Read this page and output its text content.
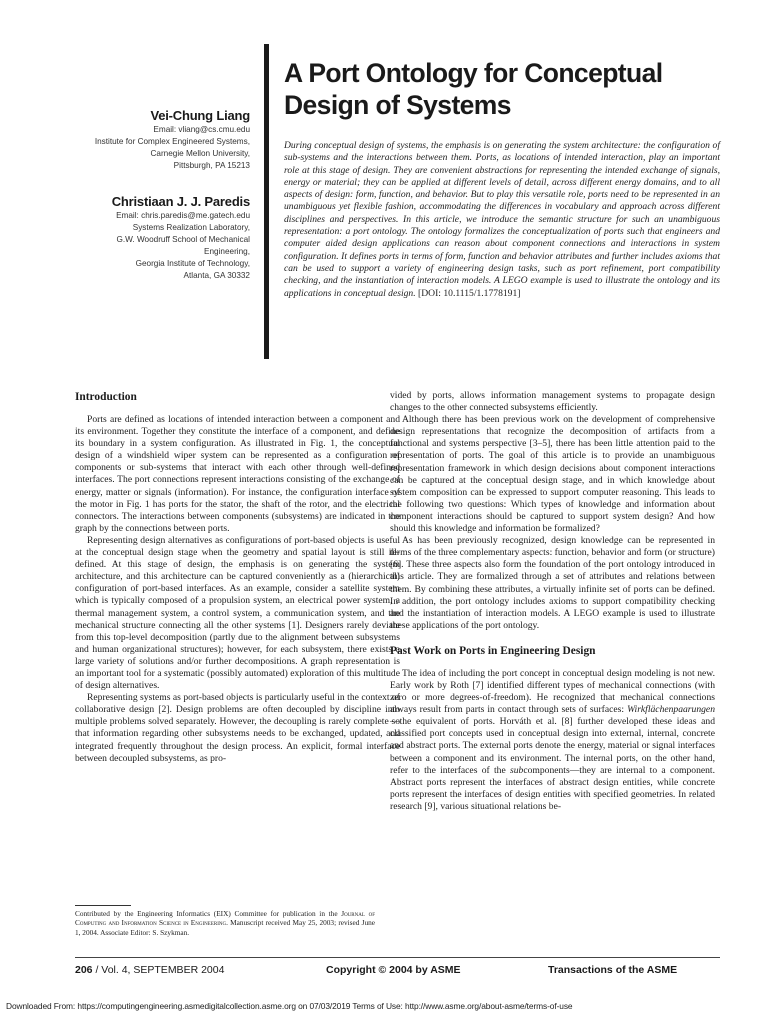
Vei-Chung Liang

Email: vliang@cs.cmu.edu

Institute for Complex Engineered Systems,

Carnegie Mellon University,

Pittsburgh, PA 15213

Christiaan J. J. Paredis

Email: chris.paredis@me.gatech.edu

Systems Realization Laboratory,

G.W. Woodruff School of Mechanical

Engineering,

Georgia Institute of Technology,

Atlanta, GA 30332

A Port Ontology for Conceptual
Design of Systems

During conceptual design of systems, the emphasis is on generating the system architecture: the configuration of sub-systems and the interactions between them. Ports, as locations of intended interaction, play an important role at this stage of design. They are convenient abstractions for representing the intended exchange of signals, energy or material; they can be applied at different levels of detail, across different energy domains, and to all aspects of design: form, function, and behavior. But to play this versatile role, ports need to be represented in an unambiguous yet flexible fashion, accommodating the differences in vocabulary and approach across different disciplines and perspectives. In this article, we introduce the semantic structure for such an unambiguous representation: a port ontology. The ontology formalizes the conceptualization of ports such that engineers and computer aided design applications can reason about component connections and interactions in system configuration. It defines ports in terms of form, function and behavior attributes and further includes axioms that can be used to support a variety of engineering design tasks, such as port refinement, port compatibility checking, and the instantiation of interaction models. A LEGO example is used to illustrate the ontology and its applications in conceptual design. [DOI: 10.1115/1.1778191]

Introduction

Ports are defined as locations of intended interaction between a component and its environment. Together they constitute the interface of a component, and define its boundary in a system configuration. As illustrated in Fig. 1, the conceptual design of a windshield wiper system can be represented as a configuration of components or sub-systems that interact with each other through well-defined interfaces. The port connections represent interactions consisting of the exchange of energy, matter or signals (information). For instance, the configuration interface of the motor in Fig. 1 has ports for the stator, the shaft of the rotor, and the electrical connectors. The interactions between components (subsystems) are indicated in the graph by the connections between ports.

Representing design alternatives as configurations of port-based objects is useful at the conceptual design stage when the geometry and spatial layout is still ill-defined. At this stage of design, the emphasis is on generating the system architecture, and this architecture can be captured conveniently as a (hierarchical) configuration of port-based interfaces. As an example, consider a satellite system which is typically composed of a propulsion system, an electrical power system, a thermal management system, a control system, a communication system, and the mechanical structure connecting all the other systems [1]. Designers rarely deviate from this top-level decomposition (partly due to the alignment between subsystems and human organizational structures); however, for each subsystem, there exists a large variety of solutions and/or further decompositions. A graph representation is an important tool for a systematic (possibly automated) exploration of this multitude of design alternatives.

Representing systems as port-based objects is particularly useful in the context of collaborative design [2]. Design problems are often decoupled by discipline into multiple problems solved separately. However, the decoupling is rarely complete so that information regarding other subsystems needs to be exchanged, updated, and integrated frequently throughout the design process. An explicit, formal interface between decoupled subsystems, as pro-

vided by ports, allows information management systems to propagate design changes to the other connected subsystems efficiently.

Although there has been previous work on the development of comprehensive design representations that recognize the decomposition of artifacts from a functional and systems perspective [3–5], there has been little attention paid to the representation of ports. The goal of this article is to provide an unambiguous representation framework in which design decisions about component interactions can be captured at the conceptual design stage, and in which knowledge about system composition can be expressed to support computer reasoning. This leads to the following two questions: Which types of knowledge and information about component interactions should be captured to support system design? And how should this knowledge and information be formalized?

As has been previously recognized, design knowledge can be represented in terms of the three complementary aspects: function, behavior and form (or structure) [6]. These three aspects also form the foundation of the port ontology introduced in this article. They are formalized through a set of attributes and relations between them. By combining these attributes, a virtually infinite set of ports can be defined. In addition, the port ontology includes axioms to support compatibility checking and the instantiation of interaction models. A LEGO example is used to illustrate these applications of the port ontology.

Past Work on Ports in Engineering Design

The idea of including the port concept in conceptual design modeling is not new. Early work by Roth [7] identified different types of mechanical connections (with zero or more degrees-of-freedom). He recognized that mechanical connections always result from parts in contact through sets of surfaces: Wirkflächenpaarungen—the equivalent of ports. Horváth et al. [8] further developed these ideas and classified port concepts used in conceptual design into external, internal, concrete and abstract ports. The external ports denote the energy, material or signal interfaces between a component and its environment. The internal ports, on the other hand, refer to the interfaces of the subcomponents—they are internal to a component. Abstract ports represent the interfaces of abstract design entities, while concrete ports represent the interfaces of design entities with specified geometries. In related research [9], various situational relations be-

Contributed by the Engineering Informatics (EIX) Committee for publication in the Journal of Computing and Information Science in Engineering. Manuscript received May 25, 2003; revised June 1, 2004. Associate Editor: S. Szykman.

206 / Vol. 4, SEPTEMBER 2004	Copyright © 2004 by ASME	Transactions of the ASME
Downloaded From: https://computingengineering.asmedigitalcollection.asme.org on 07/03/2019 Terms of Use: http://www.asme.org/about-asme/terms-of-use
